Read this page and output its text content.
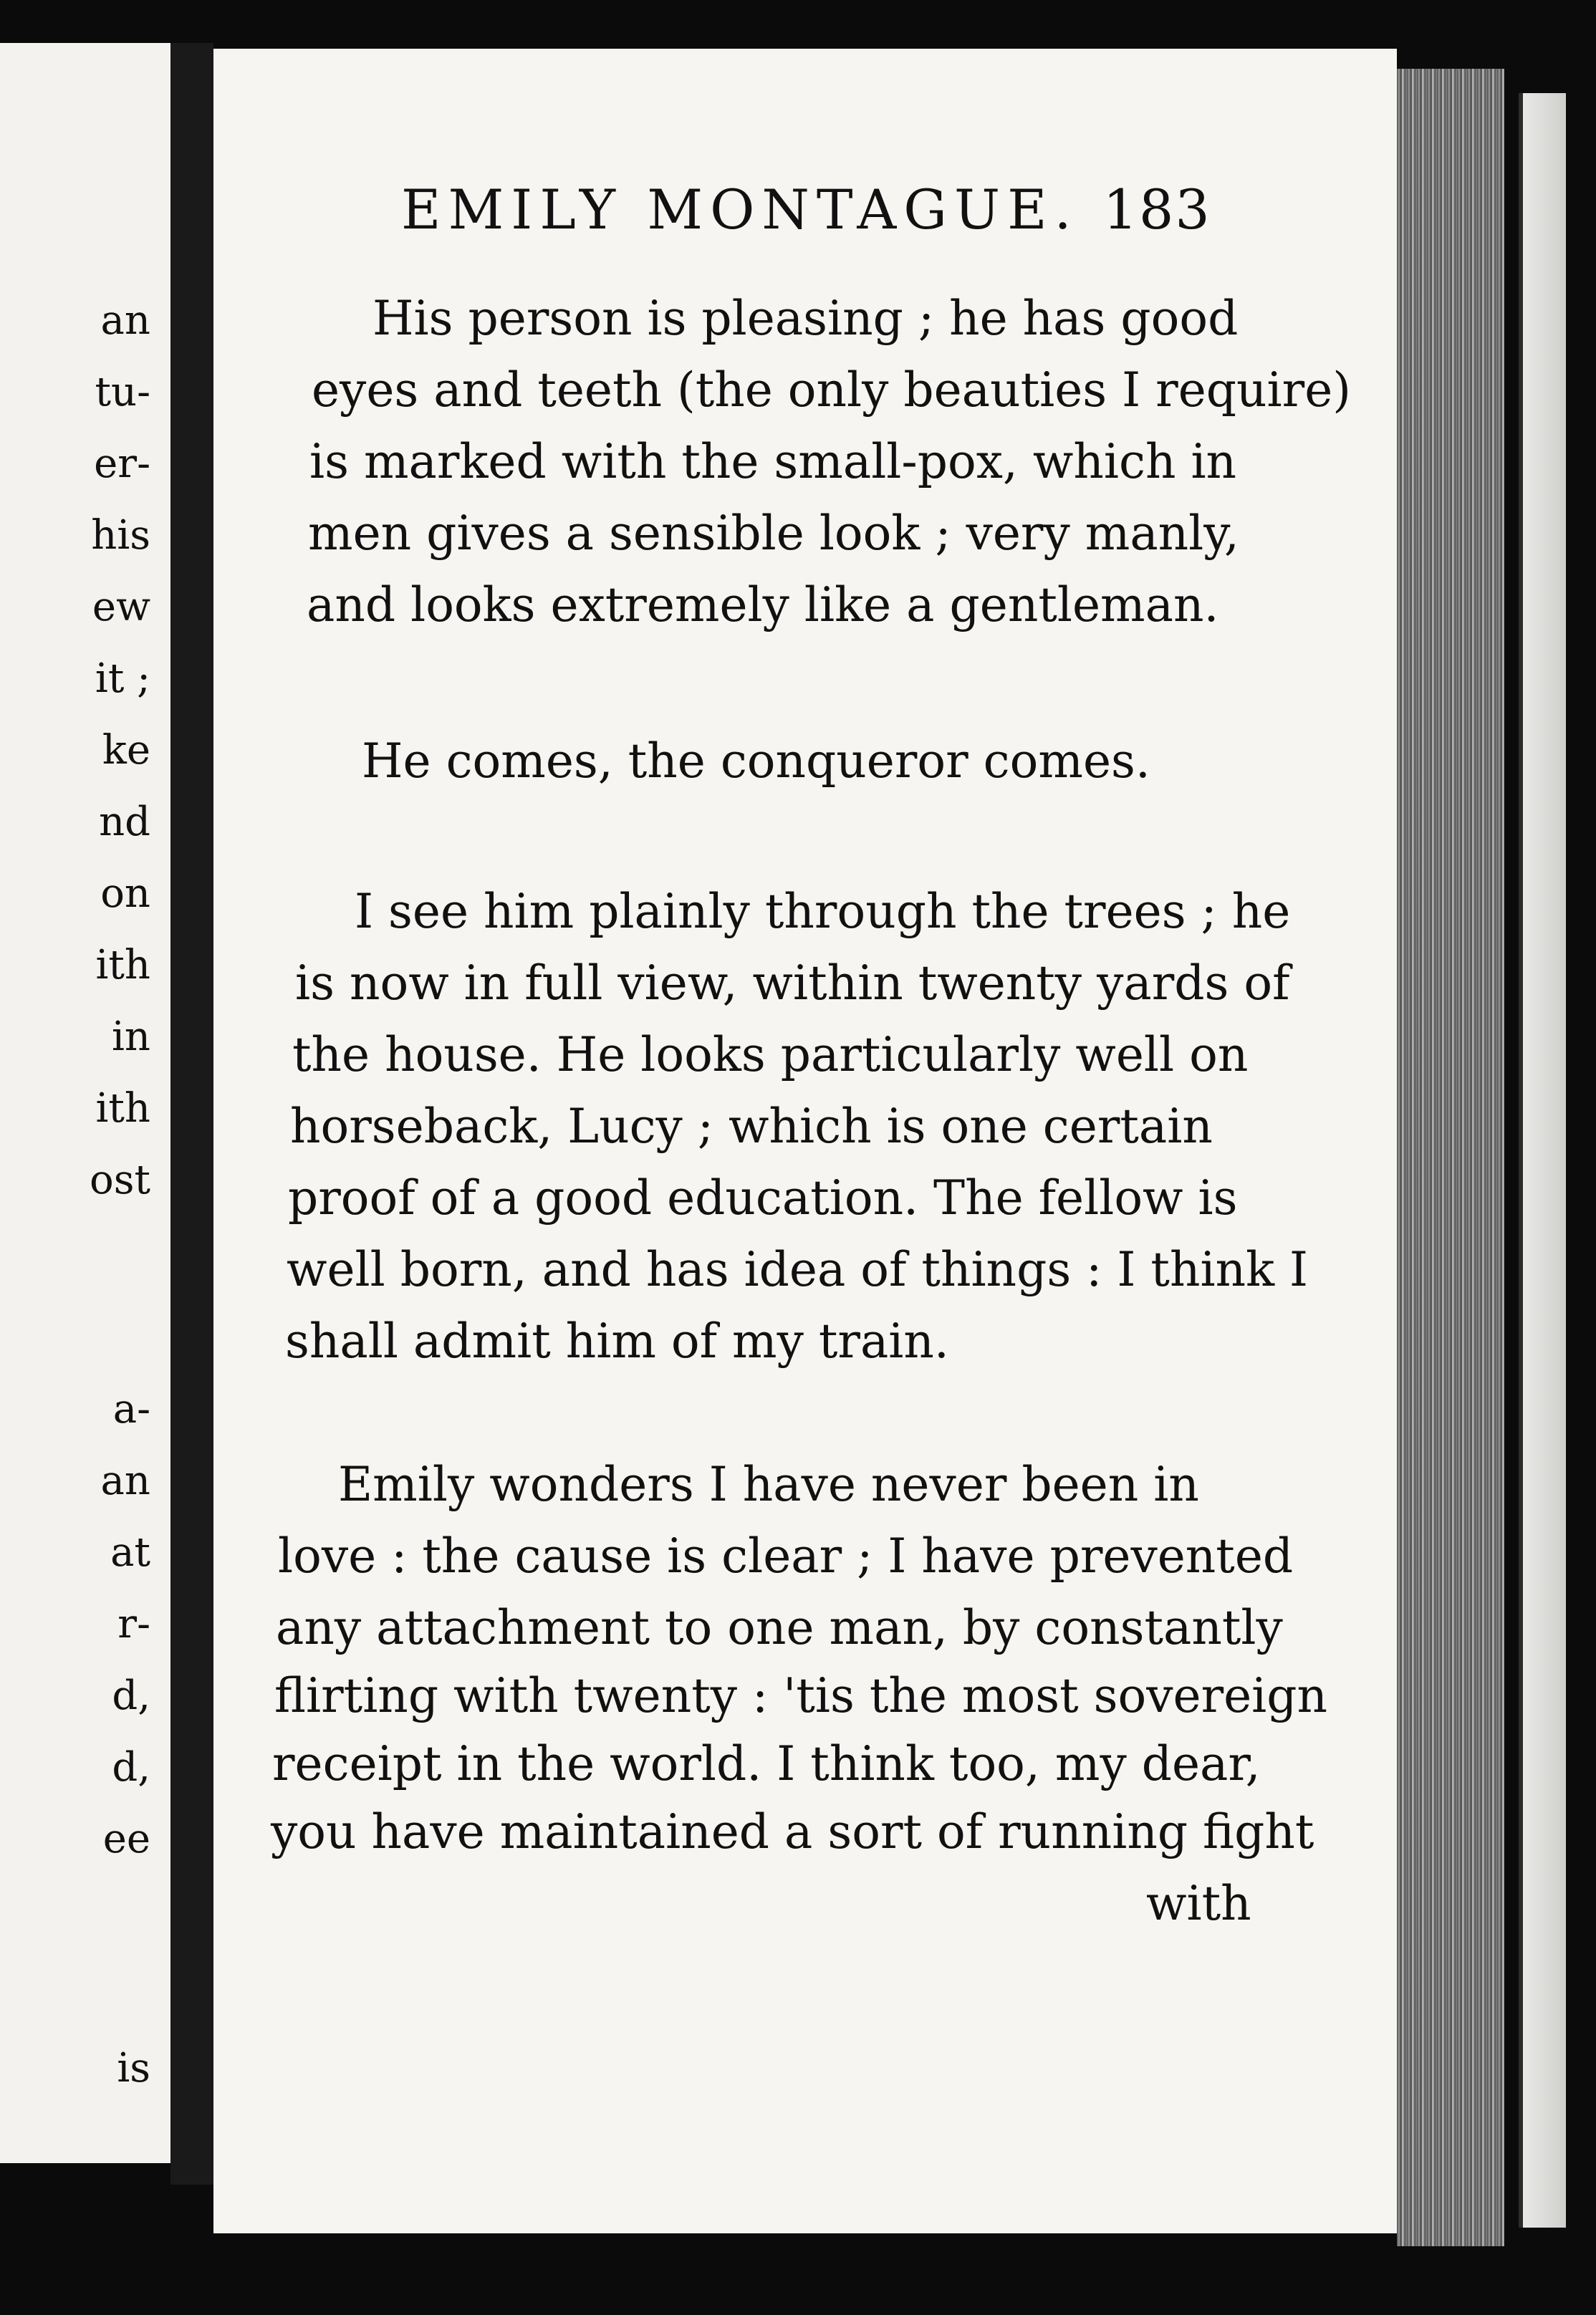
an
tu-
er-
his
ew
it ;
ke
nd
on
ith
in
ith
ost
a-
an
at
r-
d,
d,
ee
is
EMILY MONTAGUE. 183
His person is pleasing ; he has good
eyes and teeth (the only beauties I require)
is marked with the small-pox, which in
men gives a sensible look ; very manly,
and looks extremely like a gentleman.
He comes, the conqueror comes.
I see him plainly through the trees ; he
is now in full view, within twenty yards of
the house. He looks particularly well on
horseback, Lucy ; which is one certain
proof of a good education. The fellow is
well born, and has idea of things : I think I
shall admit him of my train.
Emily wonders I have never been in
love : the cause is clear ; I have prevented
any attachment to one man, by constantly
flirting with twenty : 'tis the most sovereign
receipt in the world. I think too, my dear,
you have maintained a sort of running fight
with
